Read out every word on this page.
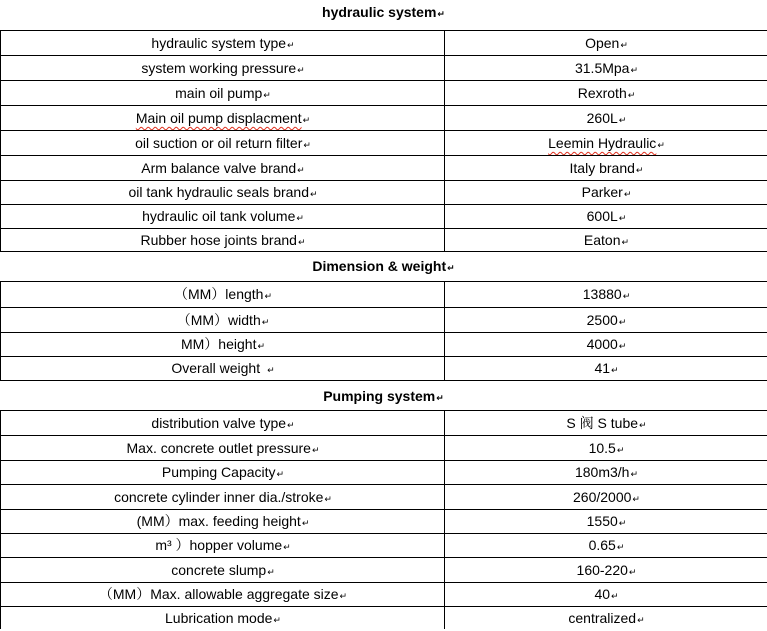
hydraulic system↵
hydraulic system type↵	Open↵
system working pressure↵	31.5Mpa↵
main oil pump↵	Rexroth↵
Main oil pump displacment↵	260L↵
oil suction or oil return filter↵	Leemin Hydraulic↵
Arm balance valve brand↵	Italy brand↵
oil tank hydraulic seals brand↵	Parker↵
hydraulic oil tank volume↵	600L↵
Rubber hose joints brand↵	Eaton↵
Dimension & weight↵
（MM）length↵	13880↵
（MM）width↵	2500↵
MM）height↵	4000↵
Overall weight ↵	41↵
Pumping system↵
distribution valve type↵	S 阀 S tube↵
Max. concrete outlet pressure↵	10.5↵
Pumping Capacity↵	180m3/h↵
concrete cylinder inner dia./stroke↵	260/2000↵
(MM）max. feeding height↵	1550↵
m³ ）hopper volume↵	0.65↵
concrete slump↵	160-220↵
（MM）Max. allowable aggregate size↵	40↵
Lubrication mode↵	centralized↵
